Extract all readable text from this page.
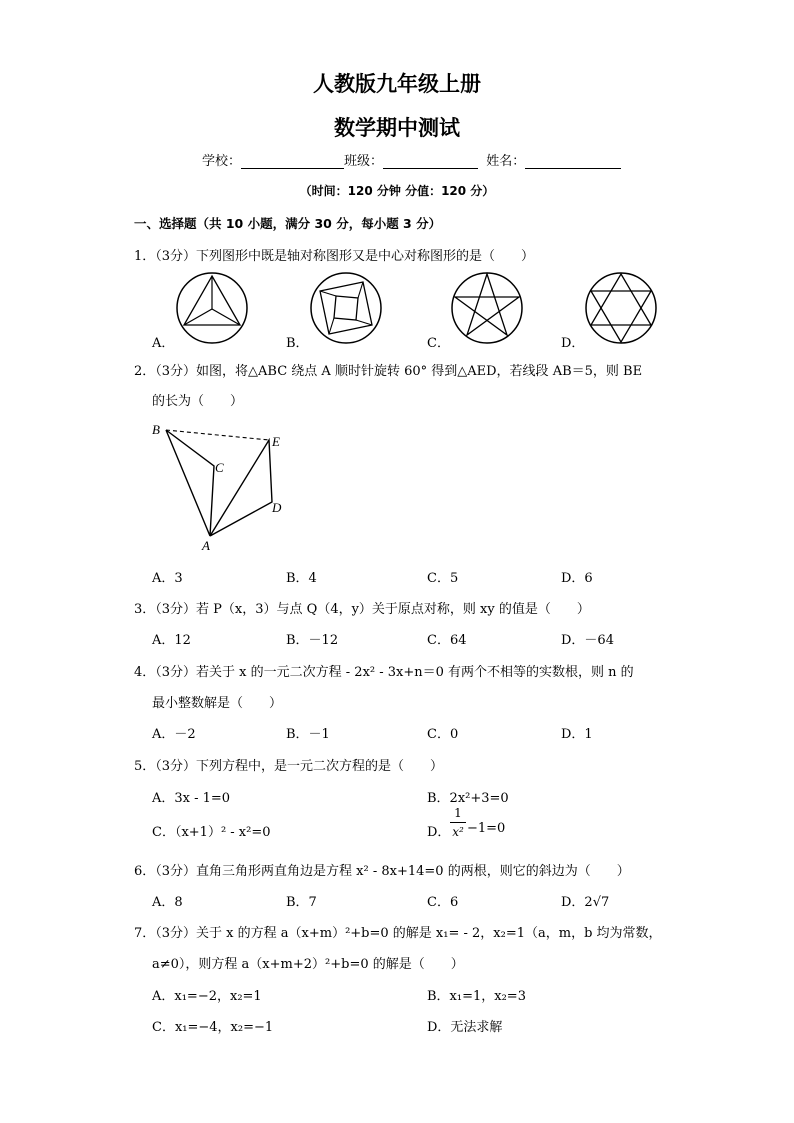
人教版九年级上册
数学期中测试
学校：	班级：	姓名：
（时间：120 分钟 分值：120 分）
一、选择题（共 10 小题，满分 30 分，每小题 3 分）
1．（3分）下列图形中既是轴对称图形又是中心对称图形的是（　　）
A．	B．	C．	D．
2．（3分）如图，将△ABC 绕点 A 顺时针旋转 60° 得到△AED，若线段 AB＝5，则 BE
的长为（　　）
B
C
E
D
A
A．3	B．4	C．5	D．6
3．（3分）若 P（x，3）与点 Q（4，y）关于原点对称，则 xy 的值是（　　）
A．12	B．－12	C．64	D．－64
4．（3分）若关于 x 的一元二次方程 - 2x² - 3x+n＝0 有两个不相等的实数根，则 n 的
最小整数解是（　　）
A．－2	B．－1	C．0	D．1
5．（3分）下列方程中，是一元二次方程的是（　　）
A．3x - 1=0	B．2x²+3=0
C．（x+1）² - x²=0	D．
1
x² −1=0
6．（3分）直角三角形两直角边是方程 x² - 8x+14=0 的两根，则它的斜边为（　　）
A．8	B．7	C．6	D．2√7
7．（3分）关于 x 的方程 a（x+m）²+b=0 的解是 x₁= - 2，x₂=1（a，m，b 均为常数，
a≠0），则方程 a（x+m+2）²+b=0 的解是（　　）
A．x₁=−2，x₂=1	B．x₁=1，x₂=3
C．x₁=−4，x₂=−1	D．无法求解
